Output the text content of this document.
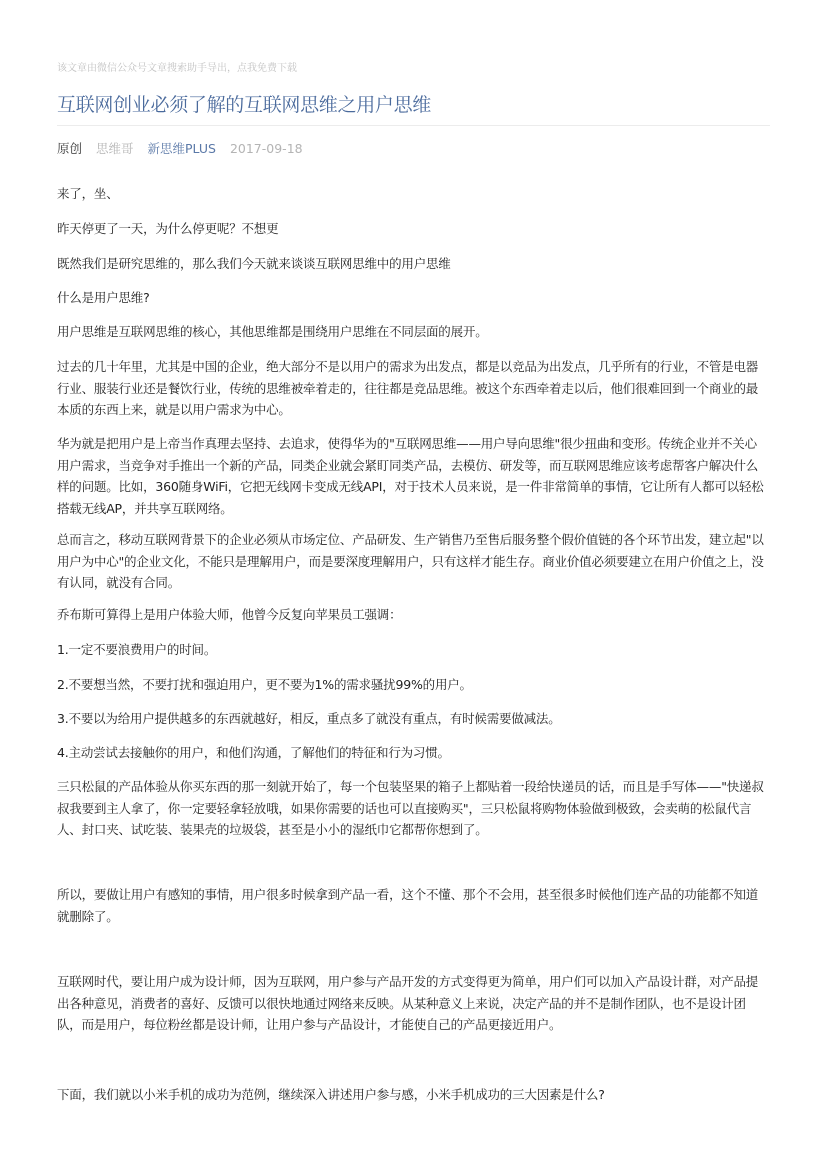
该文章由微信公众号文章搜索助手导出，点我免费下载
互联网创业必须了解的互联网思维之用户思维
原创 思维哥 新思维PLUS 2017-09-18

来了，坐、

昨天停更了一天，为什么停更呢？不想更

既然我们是研究思维的，那么我们今天就来谈谈互联网思维中的用户思维

什么是用户思维?

用户思维是互联网思维的核心，其他思维都是围绕用户思维在不同层面的展开。

过去的几十年里，尤其是中国的企业，绝大部分不是以用户的需求为出发点，都是以竞品为出发点，几乎所有的行业，不管是电器行业、服装行业还是餐饮行业，传统的思维被牵着走的，往往都是竞品思维。被这个东西牵着走以后，他们很难回到一个商业的最本质的东西上来，就是以用户需求为中心。

华为就是把用户是上帝当作真理去坚持、去追求，使得华为的"互联网思维——用户导向思维"很少扭曲和变形。传统企业并不关心用户需求，当竞争对手推出一个新的产品，同类企业就会紧盯同类产品，去模仿、研发等，而互联网思维应该考虑帮客户解决什么样的问题。比如，360随身WiFi，它把无线网卡变成无线API，对于技术人员来说，是一件非常简单的事情，它让所有人都可以轻松搭载无线AP，并共享互联网络。

总而言之，移动互联网背景下的企业必须从市场定位、产品研发、生产销售乃至售后服务整个假价值链的各个环节出发，建立起"以用户为中心"的企业文化，不能只是理解用户，而是要深度理解用户，只有这样才能生存。商业价值必须要建立在用户价值之上，没有认同，就没有合同。

乔布斯可算得上是用户体验大师，他曾今反复向苹果员工强调：

1.一定不要浪费用户的时间。

2.不要想当然，不要打扰和强迫用户，更不要为1%的需求骚扰99%的用户。

3.不要以为给用户提供越多的东西就越好，相反，重点多了就没有重点，有时候需要做减法。

4.主动尝试去接触你的用户，和他们沟通，了解他们的特征和行为习惯。

三只松鼠的产品体验从你买东西的那一刻就开始了，每一个包装坚果的箱子上都贴着一段给快递员的话，而且是手写体——"快递叔叔我要到主人拿了，你一定要轻拿轻放哦，如果你需要的话也可以直接购买"，三只松鼠将购物体验做到极致，会卖萌的松鼠代言人、封口夹、试吃装、装果壳的垃圾袋，甚至是小小的湿纸巾它都帮你想到了。

所以，要做让用户有感知的事情，用户很多时候拿到产品一看，这个不懂、那个不会用，甚至很多时候他们连产品的功能都不知道就删除了。

互联网时代，要让用户成为设计师，因为互联网，用户参与产品开发的方式变得更为简单，用户们可以加入产品设计群，对产品提出各种意见，消费者的喜好、反馈可以很快地通过网络来反映。从某种意义上来说，决定产品的并不是制作团队，也不是设计团队，而是用户，每位粉丝都是设计师，让用户参与产品设计，才能使自己的产品更接近用户。

下面，我们就以小米手机的成功为范例，继续深入讲述用户参与感，小米手机成功的三大因素是什么?
